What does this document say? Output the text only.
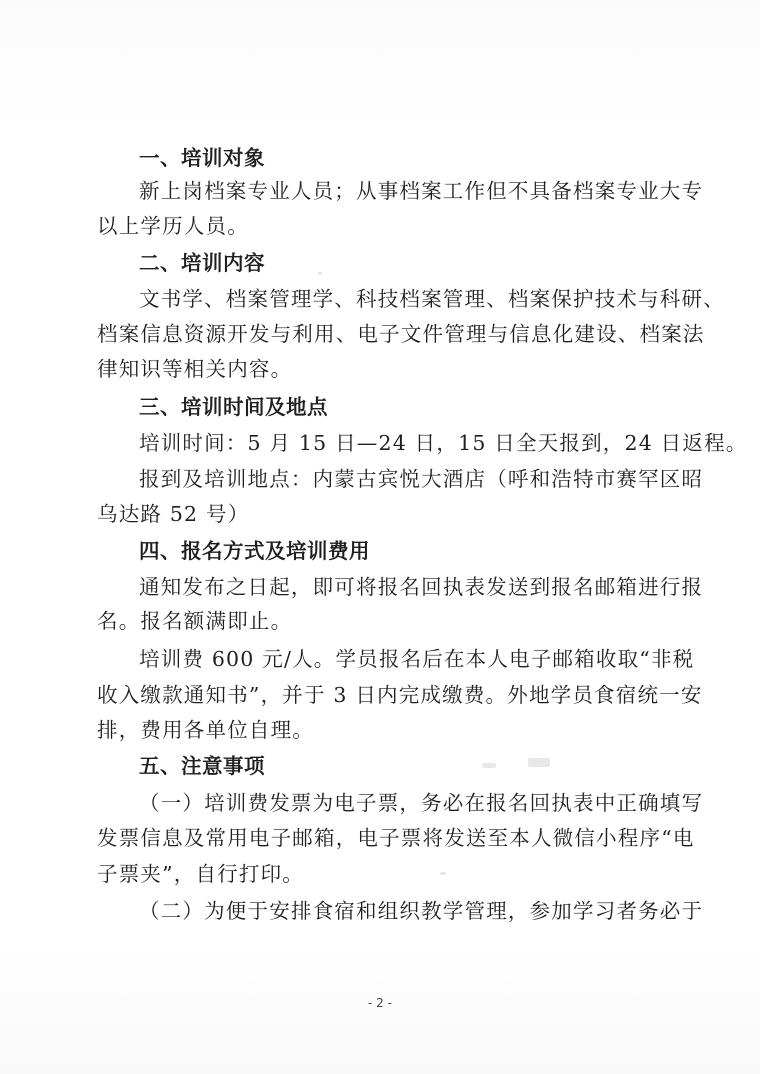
一、培训对象
新上岗档案专业人员；从事档案工作但不具备档案专业大专
以上学历人员。
二、培训内容
文书学、档案管理学、科技档案管理、档案保护技术与科研、
档案信息资源开发与利用、电子文件管理与信息化建设、档案法
律知识等相关内容。
三、培训时间及地点
培训时间：5 月 15 日—24 日，15 日全天报到，24 日返程。
报到及培训地点：内蒙古宾悦大酒店（呼和浩特市赛罕区昭
乌达路 52 号）
四、报名方式及培训费用
通知发布之日起，即可将报名回执表发送到报名邮箱进行报
名。报名额满即止。
培训费 600 元/人。学员报名后在本人电子邮箱收取“非税
收入缴款通知书”，并于 3 日内完成缴费。外地学员食宿统一安
排，费用各单位自理。
五、注意事项
（一）培训费发票为电子票，务必在报名回执表中正确填写
发票信息及常用电子邮箱，电子票将发送至本人微信小程序“电
子票夹”，自行打印。
（二）为便于安排食宿和组织教学管理，参加学习者务必于
- 2 -
